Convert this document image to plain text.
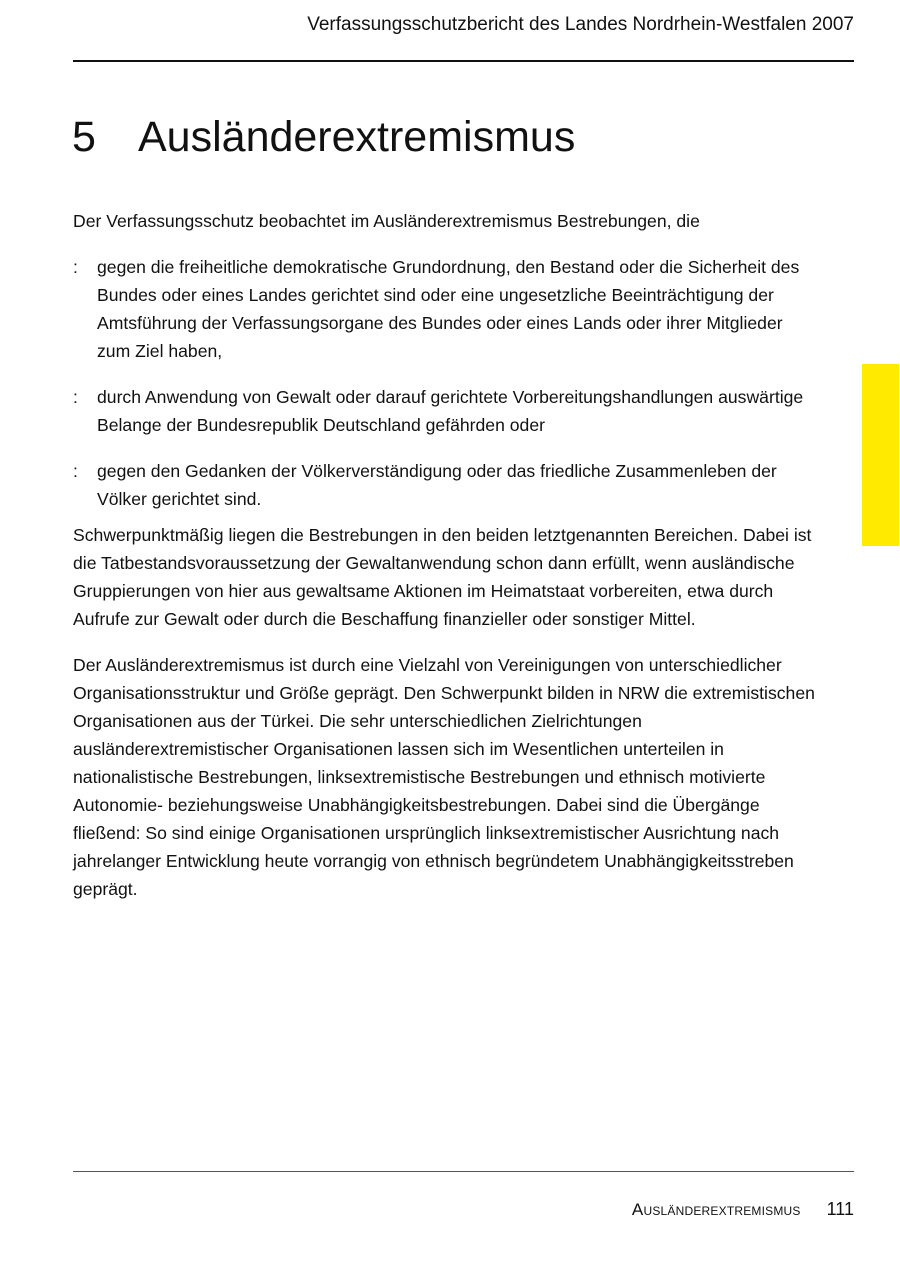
Verfassungsschutzbericht des Landes Nordrhein-Westfalen 2007
5 Ausländerextremismus

Der Verfassungsschutz beobachtet im Ausländerextremismus Bestrebungen, die

: gegen die freiheitliche demokratische Grundordnung, den Bestand oder die Sicherheit des Bundes oder eines Landes gerichtet sind oder eine ungesetzliche Beeinträchtigung der Amtsführung der Verfassungsorgane des Bundes oder eines Lands oder ihrer Mitglieder zum Ziel haben,
: durch Anwendung von Gewalt oder darauf gerichtete Vorbereitungshandlungen auswärtige Belange der Bundesrepublik Deutschland gefährden oder
: gegen den Gedanken der Völkerverständigung oder das friedliche Zusammenleben der Völker gerichtet sind.

Schwerpunktmäßig liegen die Bestrebungen in den beiden letztgenannten Bereichen. Dabei ist die Tatbestandsvoraussetzung der Gewaltanwendung schon dann erfüllt, wenn ausländische Gruppierungen von hier aus gewaltsame Aktionen im Heimatstaat vorbereiten, etwa durch Aufrufe zur Gewalt oder durch die Beschaffung finanzieller oder sonstiger Mittel.

Der Ausländerextremismus ist durch eine Vielzahl von Vereinigungen von unterschiedlicher Organisationsstruktur und Größe geprägt. Den Schwerpunkt bilden in NRW die extremistischen Organisationen aus der Türkei. Die sehr unterschiedlichen Zielrichtungen ausländerextremistischer Organisationen lassen sich im Wesentlichen unterteilen in nationalistische Bestrebungen, linksextremistische Bestrebungen und ethnisch motivierte Autonomie- beziehungsweise Unabhängigkeitsbestrebungen. Dabei sind die Übergänge fließend: So sind einige Organisationen ursprünglich linksextremistischer Ausrichtung nach jahrelanger Entwicklung heute vorrangig von ethnisch begründetem Unabhängigkeitsstreben geprägt.

Ausländerextremismus 111
